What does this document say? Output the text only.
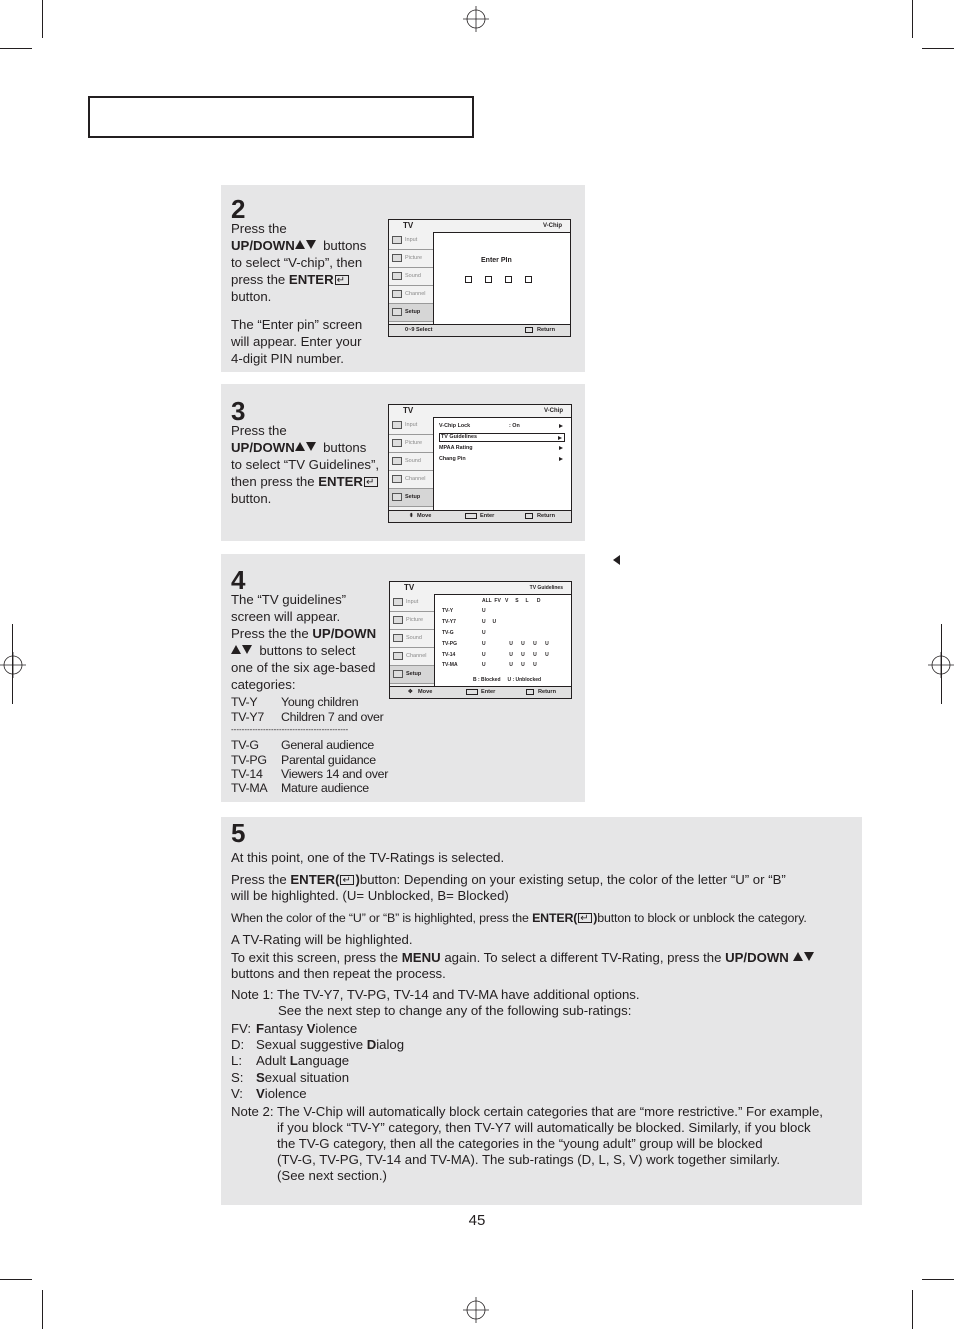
2
Press the
UP/DOWN buttons
to select “V-chip”, then
press the ENTER↵
button.
The “Enter pin” screen
will appear. Enter your
4-digit PIN number.
TV	V-Chip
Input
Picture
Sound
Channel
Setup
Enter PIn
0~9 Select	Return
3
Press the
UP/DOWN buttons
to select “TV Guidelines”,
then press the ENTER↵
button.
TV	V-Chip
Input
Picture
Sound
Channel
Setup
V-Chip Lock	: On
TV Guidelines
MPAA Rating
Chang Pin
⬍ Move	Enter	Return
4
The “TV guidelines”
screen will appear.
Press the the UP/DOWN
buttons to select
one of the six age-based
categories:
TV-Y Young children
TV-Y7 Children 7 and over
--------------------------------------------
TV-G General audience
TV-PG Parental guidance
TV-14 Viewers 14 and over
TV-MA Mature audience
TV	TV Guidelines
Input
Picture
Sound
Channel
Setup
ALL  FV   V     S     L      D
TV-Y	U
TV-Y7	U     U
TV-G	U
TV-PG	U                 U      U      U      U
TV-14	U                 U      U      U      U
TV-MA	U                 U      U      U
B : Blocked     U : Unblocked
✥ Move	Enter	Return
5
At this point, one of the TV-Ratings is selected.
Press the ENTER( ↵ )button: Depending on your existing setup, the color of the letter “U” or “B”
will be highlighted. (U= Unblocked, B= Blocked)
When the color of the “U” or “B” is highlighted, press the ENTER( ↵ )button to block or unblock the category.
A TV-Rating will be highlighted.
To exit this screen, press the MENU again. To select a different TV-Rating, press the UP/DOWN
buttons and then repeat the process.
Note 1: The TV-Y7, TV-PG, TV-14 and TV-MA have additional options.
See the next step to change any of the following sub-ratings:
FV: Fantasy Violence
D: Sexual suggestive Dialog
L: Adult Language
S: Sexual situation
V: Violence
Note 2: The V-Chip will automatically block certain categories that are “more restrictive.” For example,
if you block “TV-Y” category, then TV-Y7 will automatically be blocked. Similarly, if you block
the TV-G category, then all the categories in the “young adult” group will be blocked
(TV-G, TV-PG, TV-14 and TV-MA). The sub-ratings (D, L, S, V) work together similarly.
(See next section.)
45
